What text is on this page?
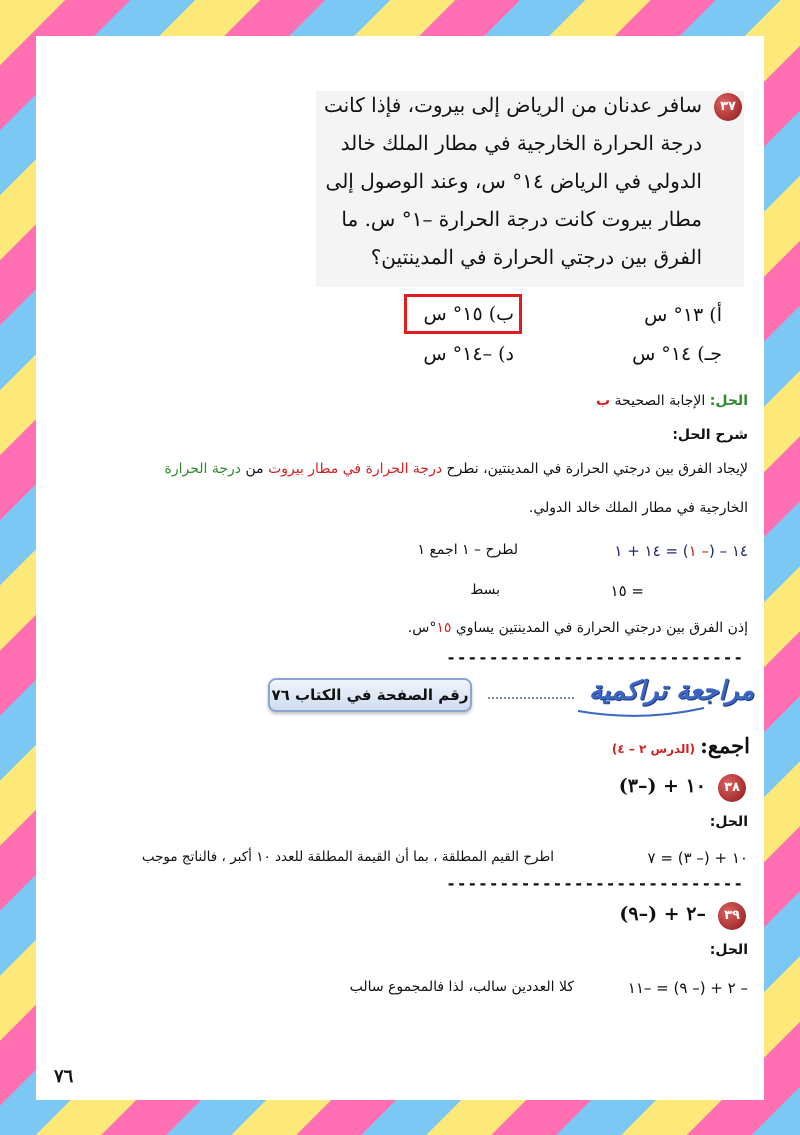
٣٧
سافر عدنان من الرياض إلى بيروت، فإذا كانت
درجة الحرارة الخارجية في مطار الملك خالد
الدولي في الرياض ١٤° س، وعند الوصول إلى
مطار بيروت كانت درجة الحرارة –١° س. ما
الفرق بين درجتي الحرارة في المدينتين؟
أ) ١٣° س
ب) ١٥° س
جـ) ١٤° س
د) –١٤° س
الحل: الإجابة الصحيحة ب
شرح الحل:
لإيجاد الفرق بين درجتي الحرارة في المدينتين، نطرح درجة الحرارة في مطار بيروت من درجة الحرارة
الخارجية في مطار الملك خالد الدولي.
١٤ – (– ١) = ١٤ + ١
لطرح – ١ اجمع ١
= ١٥
بسط
إذن الفرق بين درجتي الحرارة في المدينتين يساوي ١٥°س.
----------------------------
رقم الصفحة في الكتاب ٧٦	مراجعة تراكمية
اجمع: (الدرس ٢ – ٤)
٣٨
١٠ + (–٣)
الحل:
١٠ + (– ٣) = ٧
اطرح القيم المطلقة ، بما أن القيمة المطلقة للعدد ١٠ أكبر ، فالناتج موجب
----------------------------
٣٩
–٢ + (–٩)
الحل:
– ٢ + (– ٩) = –١١
كلا العددين سالب، لذا فالمجموع سالب
٧٦
